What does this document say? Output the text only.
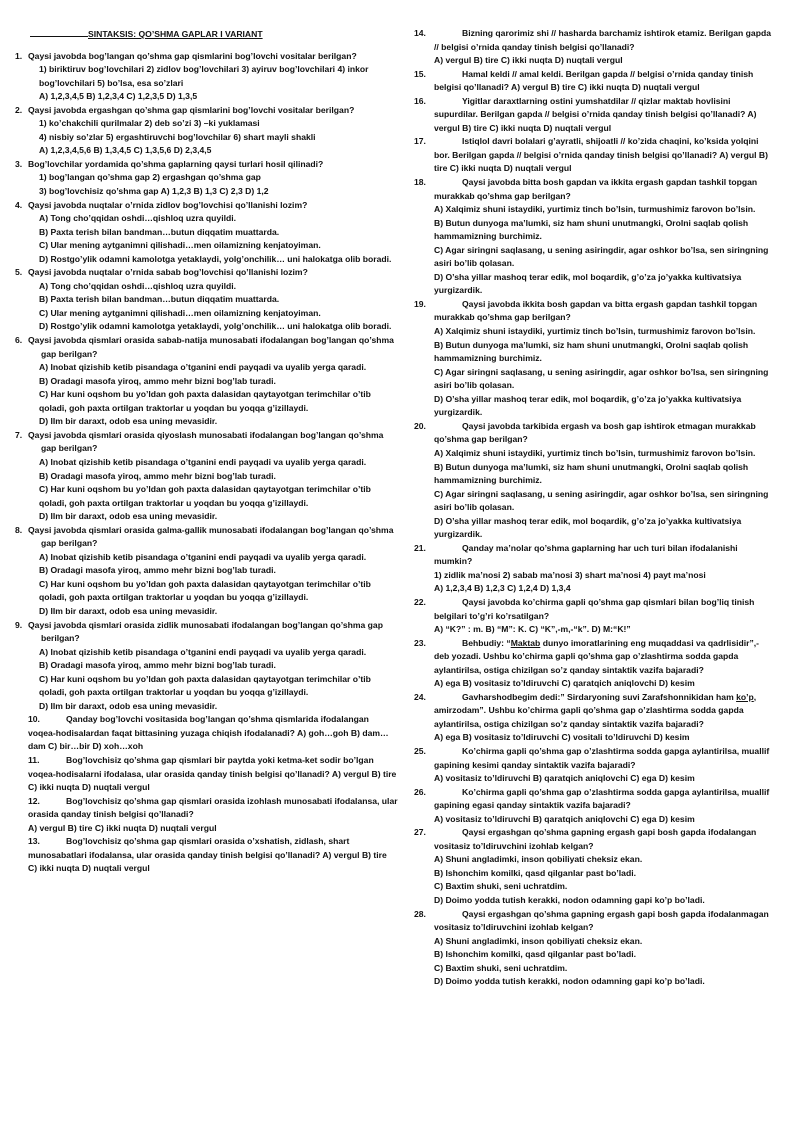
SINTAKSIS: QO’SHMA GAPLAR I VARIANT
1. Qaysi javobda bog’langan qo’shma gap qismlarini bog’lovchi vositalar berilgan?
1) biriktiruv bog’lovchilari 2) zidlov bog’lovchilari 3) ayiruv bog’lovchilari 4) inkor bog’lovchilari 5) bo’lsa, esa so’zlari
A) 1,2,3,4,5 B) 1,2,3,4 C) 1,2,3,5 D) 1,3,5
2. Qaysi javobda ergashgan qo’shma gap qismlarini bog’lovchi vositalar berilgan?
1) ko’chakchili qurilmalar 2) deb so’zi 3) –ki yuklamasi
4) nisbiy so’zlar 5) ergashtiruvchi bog’lovchilar 6) shart mayli shakli
A) 1,2,3,4,5,6 B) 1,3,4,5 C) 1,3,5,6 D) 2,3,4,5
3. Bog’lovchilar yordamida qo’shma gaplarning qaysi turlari hosil qilinadi?
1) bog’langan qo’shma gap 2) ergashgan qo’shma gap
3) bog’lovchisiz qo’shma gap A) 1,2,3 B) 1,3 C) 2,3 D) 1,2
4. Qaysi javobda nuqtalar o’rnida zidlov bog’lovchisi qo’llanishi lozim?
A) Tong cho’qqidan oshdi…qishloq uzra quyildi.
B) Paxta terish bilan bandman…butun diqqatim muattarda.
C) Ular mening aytganimni qilishadi…men oilamizning kenjatoyiman.
D) Rostgo’ylik odamni kamolotga yetaklaydi, yolg’onchilik… uni halokatga olib boradi.
5. Qaysi javobda nuqtalar o’rnida sabab bog’lovchisi qo’llanishi lozim?
A) Tong cho’qqidan oshdi…qishloq uzra quyildi.
B) Paxta terish bilan bandman…butun diqqatim muattarda.
C) Ular mening aytganimni qilishadi…men oilamizning kenjatoyiman.
D) Rostgo’ylik odamni kamolotga yetaklaydi, yolg’onchilik… uni halokatga olib boradi.
6. Qaysi javobda qismlari orasida sabab-natija munosabati ifodalangan bog’langan qo’shma gap berilgan?
A) Inobat qizishib ketib pisandaga o’tganini endi payqadi va uyalib yerga qaradi.
B) Oradagi masofa yiroq, ammo mehr bizni bog’lab turadi.
C) Har kuni oqshom bu yo’ldan goh paxta dalasidan qaytayotgan terimchilar o’tib qoladi, goh paxta ortilgan traktorlar u yoqdan bu yoqqa g’izillaydi.
D) Ilm bir daraxt, odob esa uning mevasidir.
7. Qaysi javobda qismlari orasida qiyoslash munosabati ifodalangan bog’langan qo’shma gap berilgan?
A) Inobat qizishib ketib pisandaga o’tganini endi payqadi va uyalib yerga qaradi.
B) Oradagi masofa yiroq, ammo mehr bizni bog’lab turadi.
C) Har kuni oqshom bu yo’ldan goh paxta dalasidan qaytayotgan terimchilar o’tib qoladi, goh paxta ortilgan traktorlar u yoqdan bu yoqqa g’izillaydi.
D) Ilm bir daraxt, odob esa uning mevasidir.
8. Qaysi javobda qismlari orasida galma-gallik munosabati ifodalangan bog’langan qo’shma gap berilgan?
A) Inobat qizishib ketib pisandaga o’tganini endi payqadi va uyalib yerga qaradi.
B) Oradagi masofa yiroq, ammo mehr bizni bog’lab turadi.
C) Har kuni oqshom bu yo’ldan goh paxta dalasidan qaytayotgan terimchilar o’tib qoladi, goh paxta ortilgan traktorlar u yoqdan bu yoqqa g’izillaydi.
D) Ilm bir daraxt, odob esa uning mevasidir.
9. Qaysi javobda qismlari orasida zidlik munosabati ifodalangan bog’langan qo’shma gap berilgan?
A) Inobat qizishib ketib pisandaga o’tganini endi payqadi va uyalib yerga qaradi.
B) Oradagi masofa yiroq, ammo mehr bizni bog’lab turadi.
C) Har kuni oqshom bu yo’ldan goh paxta dalasidan qaytayotgan terimchilar o’tib qoladi, goh paxta ortilgan traktorlar u yoqdan bu yoqqa g’izillaydi.
D) Ilm bir daraxt, odob esa uning mevasidir.
10.	Qanday bog’lovchi vositasida bog’langan qo’shma qismlarida ifodalangan voqea-hodisalardan faqat bittasining yuzaga chiqish ifodalanadi? A) goh…goh B) dam…dam C) bir…bir D) xoh…xoh
11.	Bog’lovchisiz qo’shma gap qismlari bir paytda yoki ketma-ket sodir bo’lgan voqea-hodisalarni ifodalasa, ular orasida qanday tinish belgisi qo’llanadi? A) vergul B) tire C) ikki nuqta D) nuqtali vergul
12.	Bog’lovchisiz qo’shma gap qismlari orasida izohlash munosabati ifodalansa, ular orasida qanday tinish belgisi qo’llanadi?
A) vergul B) tire C) ikki nuqta D) nuqtali vergul
13.	Bog’lovchisiz qo’shma gap qismlari orasida o’xshatish, zidlash, shart munosabatlari ifodalansa, ular orasida qanday tinish belgisi qo’llanadi? A) vergul B) tire C) ikki nuqta D) nuqtali vergul
14.	Bizning qarorimiz shi // hasharda barchamiz ishtirok etamiz. Berilgan gapda // belgisi o’rnida qanday tinish belgisi qo’llanadi?
A) vergul B) tire C) ikki nuqta D) nuqtali vergul
15.	Hamal keldi // amal keldi. Berilgan gapda // belgisi o’rnida qanday tinish belgisi qo’llanadi? A) vergul B) tire C) ikki nuqta D) nuqtali vergul
16.	Yigitlar daraxtlarning ostini yumshatdilar // qizlar maktab hovlisini supurdilar. Berilgan gapda // belgisi o’rnida qanday tinish belgisi qo’llanadi? A) vergul B) tire C) ikki nuqta D) nuqtali vergul
17.	Istiqlol davri bolalari g’ayratli, shijoatli // ko’zida chaqini, ko’ksida yolqini bor. Berilgan gapda // belgisi o’rnida qanday tinish belgisi qo’llanadi? A) vergul B) tire C) ikki nuqta D) nuqtali vergul
18.	Qaysi javobda bitta bosh gapdan va ikkita ergash gapdan tashkil topgan murakkab qo’shma gap berilgan?
A) Xalqimiz shuni istaydiki, yurtimiz tinch bo’lsin, turmushimiz farovon bo’lsin.
B) Butun dunyoga ma’lumki, siz ham shuni unutmangki, Orolni saqlab qolish hammamizning burchimiz.
C) Agar siringni saqlasang, u sening asiringdir, agar oshkor bo’lsa, sen siringning asiri bo’lib qolasan.
D) O’sha yillar mashoq terar edik, mol boqardik, g’o’za jo’yakka kultivatsiya yurgizardik.
19.	Qaysi javobda ikkita bosh gapdan va bitta ergash gapdan tashkil topgan murakkab qo’shma gap berilgan?
A) Xalqimiz shuni istaydiki, yurtimiz tinch bo’lsin, turmushimiz farovon bo’lsin.
B) Butun dunyoga ma’lumki, siz ham shuni unutmangki, Orolni saqlab qolish hammamizning burchimiz.
C) Agar siringni saqlasang, u sening asiringdir, agar oshkor bo’lsa, sen siringning asiri bo’lib qolasan.
D) O’sha yillar mashoq terar edik, mol boqardik, g’o’za jo’yakka kultivatsiya yurgizardik.
20.	Qaysi javobda tarkibida ergash va bosh gap ishtirok etmagan murakkab qo’shma gap berilgan?
A) Xalqimiz shuni istaydiki, yurtimiz tinch bo’lsin, turmushimiz farovon bo’lsin.
B) Butun dunyoga ma’lumki, siz ham shuni unutmangki, Orolni saqlab qolish hammamizning burchimiz.
C) Agar siringni saqlasang, u sening asiringdir, agar oshkor bo’lsa, sen siringning asiri bo’lib qolasan.
D) O’sha yillar mashoq terar edik, mol boqardik, g’o’za jo’yakka kultivatsiya yurgizardik.
21.	Qanday ma’nolar qo’shma gaplarning har uch turi bilan ifodalanishi mumkin?
1) zidlik ma’nosi 2) sabab ma’nosi 3) shart ma’nosi 4) payt ma’nosi
A) 1,2,3,4 B) 1,2,3 C) 1,2,4 D) 1,3,4
22.	Qaysi javobda ko’chirma gapli qo’shma gap qismlari bilan bog’liq tinish belgilari to’g’ri ko’rsatilgan?
A) “K?” : m. B) “M”: K. C) “K”,-m,-“k”. D) M:“K!”
23.	Behbudiy: “Maktab dunyo imoratlarining eng muqaddasi va qadrlisidir”,-deb yozadi. Ushbu ko’chirma gapli qo’shma gap o’zlashtirma sodda gapda aylantirilsa, ostiga chizilgan so’z qanday sintaktik vazifa bajaradi?
A) ega B) vositasiz to’ldiruvchi C) qaratqich aniqlovchi D) kesim
24.	Gavharshodbegim dedi:” Sirdaryoning suvi Zarafshonnikidan ham ko’p, amirzodam”. Ushbu ko’chirma gapli qo’shma gap o’zlashtirma sodda gapda aylantirilsa, ostiga chizilgan so’z qanday sintaktik vazifa bajaradi?
A) ega B) vositasiz to’ldiruvchi C) vositali to’ldiruvchi D) kesim
25.	Ko’chirma gapli qo’shma gap o’zlashtirma sodda gapga aylantirilsa, muallif gapining kesimi qanday sintaktik vazifa bajaradi?
A) vositasiz to’ldiruvchi B) qaratqich aniqlovchi C) ega D) kesim
26.	Ko’chirma gapli qo’shma gap o’zlashtirma sodda gapga aylantirilsa, muallif gapining egasi qanday sintaktik vazifa bajaradi?
A) vositasiz to’ldiruvchi B) qaratqich aniqlovchi C) ega D) kesim
27.	Qaysi ergashgan qo’shma gapning ergash gapi bosh gapda ifodalangan vositasiz to’ldiruvchini izohlab kelgan?
A) Shuni angladimki, inson qobiliyati cheksiz ekan.
B) Ishonchim komilki, qasd qilganlar past bo’ladi.
C) Baxtim shuki, seni uchratdim.
D) Doimo yodda tutish kerakki, nodon odamning gapi ko’p bo’ladi.
28.	Qaysi ergashgan qo’shma gapning ergash gapi bosh gapda ifodalanmagan vositasiz to’ldiruvchini izohlab kelgan?
A) Shuni angladimki, inson qobiliyati cheksiz ekan.
B) Ishonchim komilki, qasd qilganlar past bo’ladi.
C) Baxtim shuki, seni uchratdim.
D) Doimo yodda tutish kerakki, nodon odamning gapi ko’p bo’ladi.
